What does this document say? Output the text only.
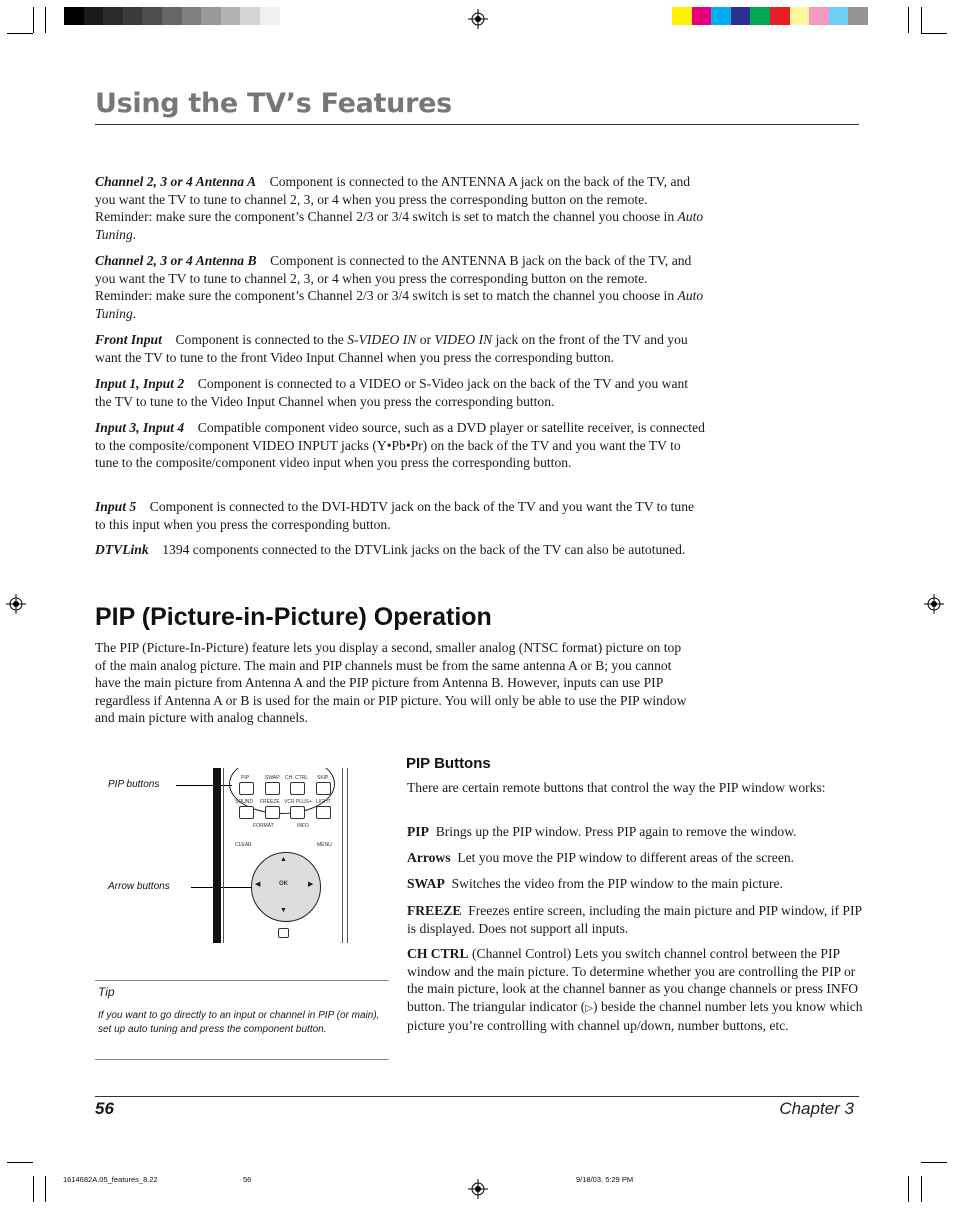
Using the TV’s Features

Channel 2, 3 or 4 Antenna A Component is connected to the ANTENNA A jack on the back of the TV, and you want the TV to tune to channel 2, 3, or 4 when you press the corresponding button on the remote. Reminder: make sure the component’s Channel 2/3 or 3/4 switch is set to match the channel you choose in Auto Tuning.

Channel 2, 3 or 4 Antenna B Component is connected to the ANTENNA B jack on the back of the TV, and you want the TV to tune to channel 2, 3, or 4 when you press the corresponding button on the remote. Reminder: make sure the component’s Channel 2/3 or 3/4 switch is set to match the channel you choose in Auto Tuning.

Front Input Component is connected to the S-VIDEO IN or VIDEO IN jack on the front of the TV and you want the TV to tune to the front Video Input Channel when you press the corresponding button.

Input 1, Input 2 Component is connected to a VIDEO or S-Video jack on the back of the TV and you want the TV to tune to the Video Input Channel when you press the corresponding button.

Input 3, Input 4 Compatible component video source, such as a DVD player or satellite receiver, is connected to the composite/component VIDEO INPUT jacks (Y•Pb•Pr) on the back of the TV and you want the TV to tune to the composite/component video input when you press the corresponding button.

Input 5 Component is connected to the DVI-HDTV jack on the back of the TV and you want the TV to tune to this input when you press the corresponding button.

DTVLink 1394 components connected to the DTVLink jacks on the back of the TV can also be autotuned.

PIP (Picture-in-Picture) Operation

The PIP (Picture-In-Picture) feature lets you display a second, smaller analog (NTSC format) picture on top of the main analog picture. The main and PIP channels must be from the same antenna A or B; you cannot have the main picture from Antenna A and the PIP picture from Antenna B. However, inputs can use PIP regardless if Antenna A or B is used for the main or PIP picture. You will only be able to use the PIP window and main picture with analog channels.

PIP buttons
Arrow buttons
PIP	SWAP CH. CTRL SKIP
SOUND FREEZE VCR PLUS+ LIGHT
FORMAT	INFO
CLEAR	MENU
▲
▼
◀	▶
OK
Tip
If you want to go directly to an input or channel in PIP (or main), set up auto tuning and press the component button.
PIP Buttons

There are certain remote buttons that control the way the PIP window works:

PIP Brings up the PIP window. Press PIP again to remove the window.

Arrows Let you move the PIP window to different areas of the screen.

SWAP Switches the video from the PIP window to the main picture.

FREEZE Freezes entire screen, including the main picture and PIP window, if PIP is displayed. Does not support all inputs.

CH CTRL (Channel Control) Lets you switch channel control between the PIP window and the main picture. To determine whether you are controlling the PIP or the main picture, look at the channel banner as you change channels or press INFO button. The triangular indicator (▷) beside the channel number lets you know which picture you’re controlling with channel up/down, number buttons, etc.

56	Chapter 3
1614682A.05_features_8.22	56	9/18/03, 5:29 PM
